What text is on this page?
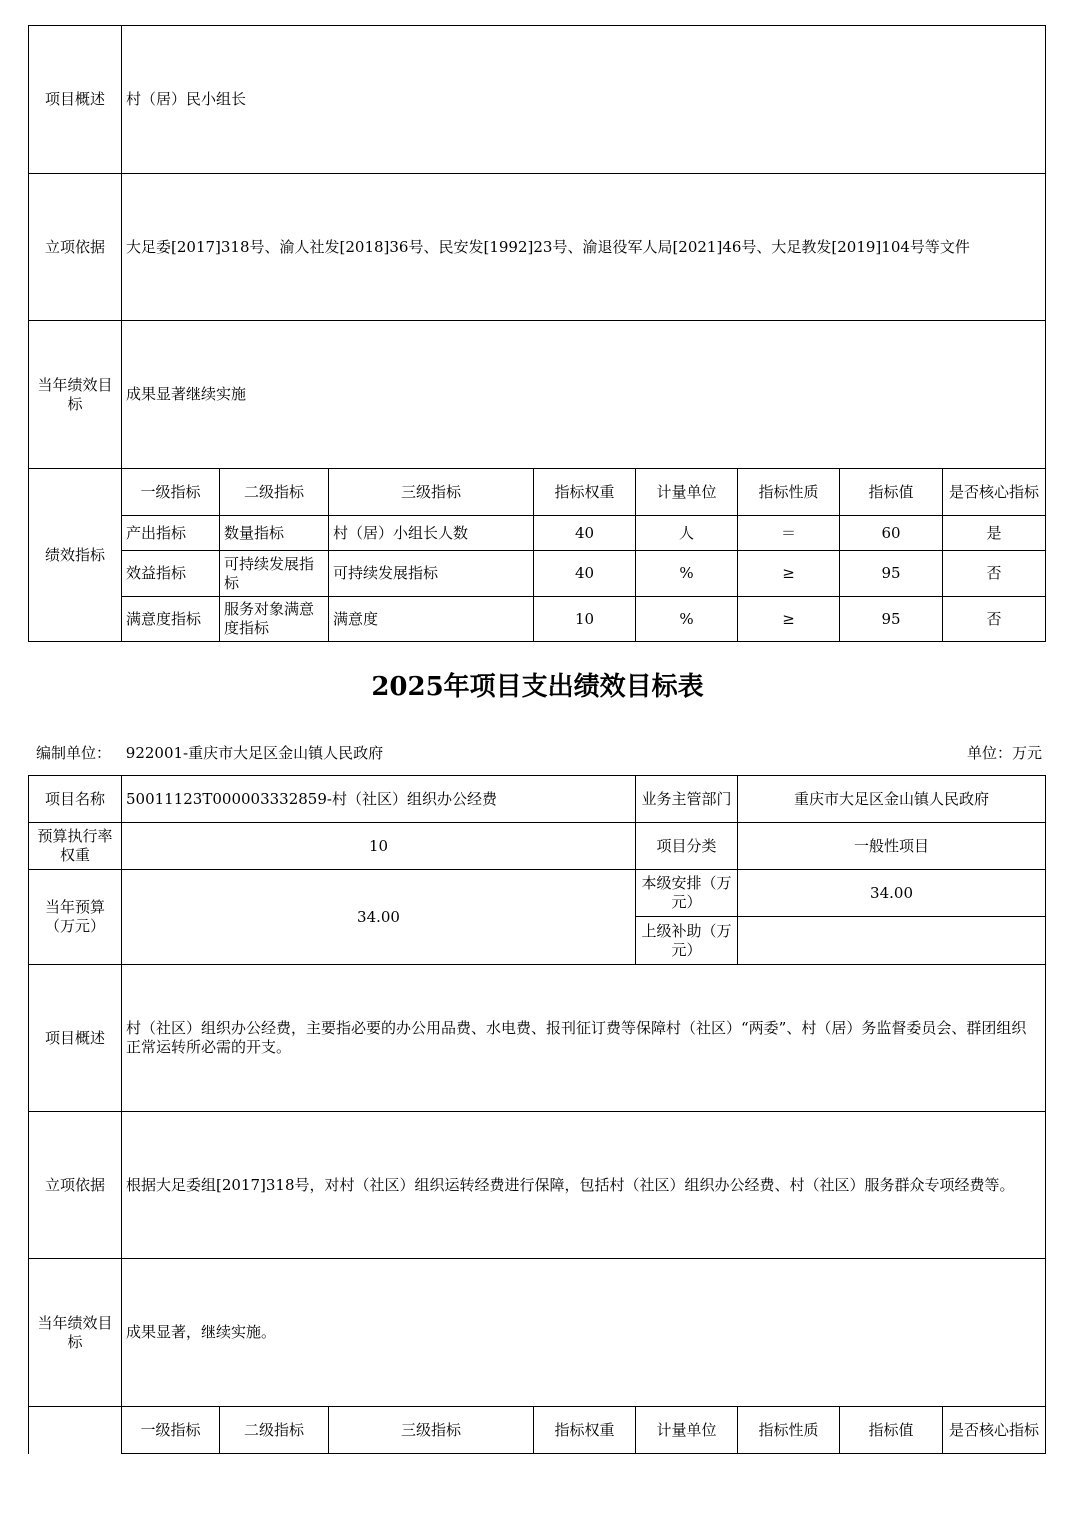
项目概述	村（居）民小组长							
立项依据	大足委[2017]318号、渝人社发[2018]36号、民安发[1992]23号、渝退役军人局[2021]46号、大足教发[2019]104号等文件							
当年绩效目标	成果显著继续实施							
绩效指标	一级指标	二级指标	三级指标	指标权重	计量单位	指标性质	指标值	是否核心指标
	产出指标	数量指标	村（居）小组长人数	40	人	＝	60	是
	效益指标	可持续发展指标	可持续发展指标	40	%	≥	95	否
	满意度指标	服务对象满意度指标	满意度	10	%	≥	95	否
2025年项目支出绩效目标表
编制单位： 922001-重庆市大足区金山镇人民政府	单位：万元
项目名称	50011123T000003332859-村（社区）组织办公经费				业务主管部门	重庆市大足区金山镇人民政府		
预算执行率权重	10				项目分类	一般性项目		
当年预算（万元）	34.00				本级安排（万元）	34.00		
					上级补助（万元）			
项目概述	村（社区）组织办公经费，主要指必要的办公用品费、水电费、报刊征订费等保障村（社区）“两委”、村（居）务监督委员会、群团组织正常运转所必需的开支。							
立项依据	根据大足委组[2017]318号，对村（社区）组织运转经费进行保障，包括村（社区）组织办公经费、村（社区）服务群众专项经费等。							
当年绩效目标	成果显著，继续实施。							
	一级指标	二级指标	三级指标	指标权重	计量单位	指标性质	指标值	是否核心指标
